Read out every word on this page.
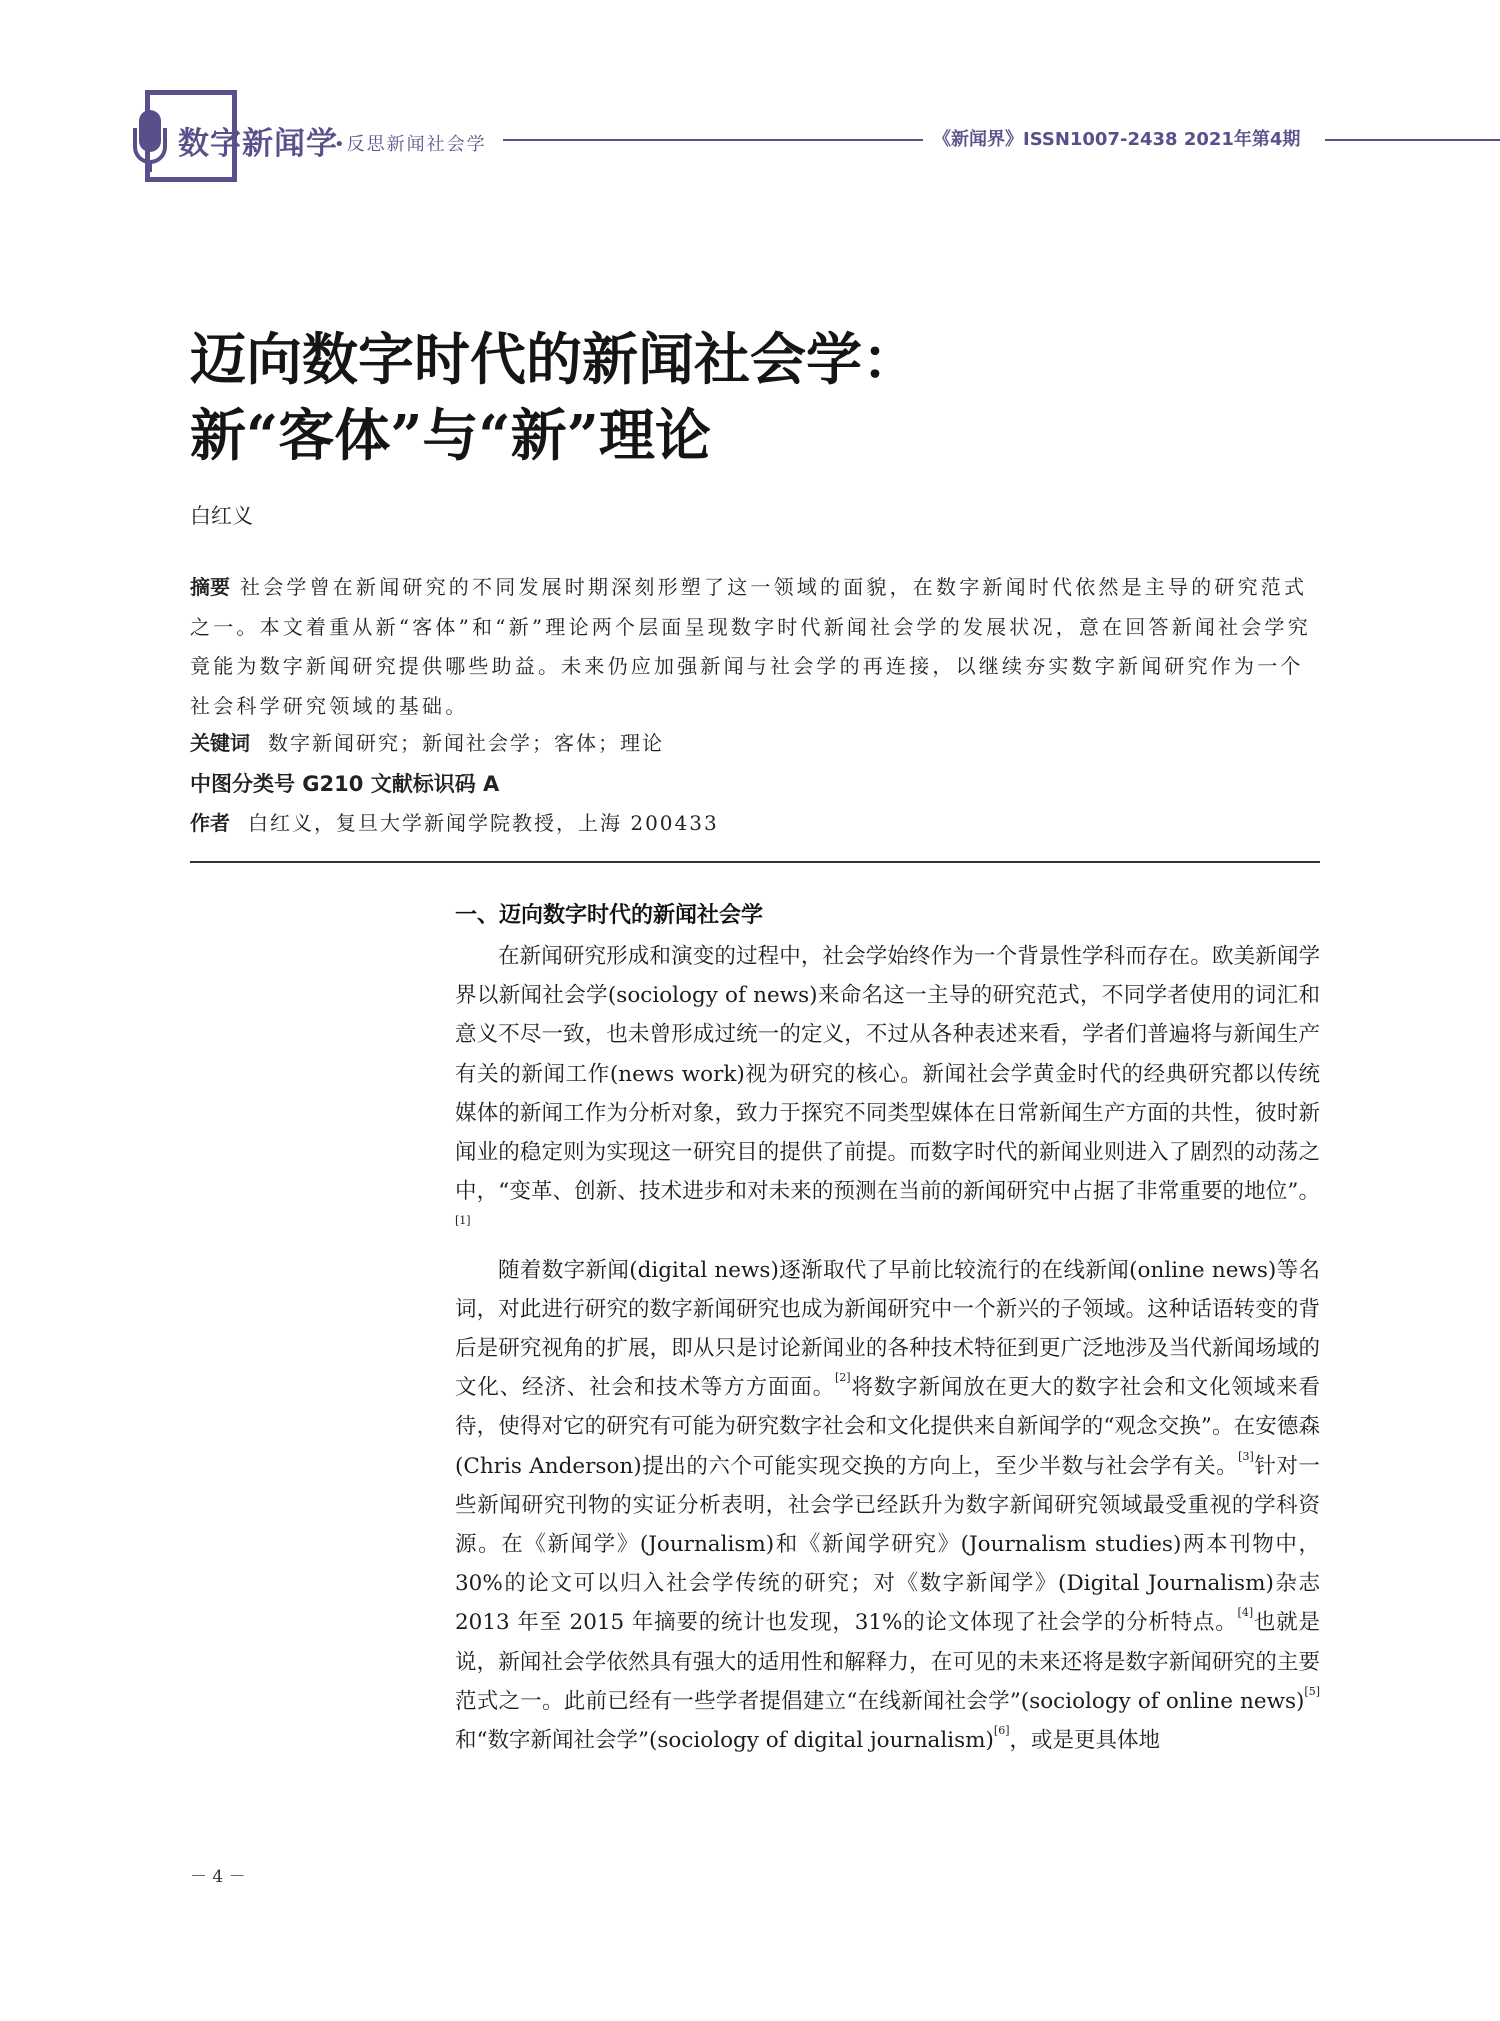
数字新闻学
•反思新闻社会学	《新闻界》ISSN1007-2438 2021年第4期
迈向数字时代的新闻社会学：
新“客体”与“新”理论
白红义
摘要 社会学曾在新闻研究的不同发展时期深刻形塑了这一领域的面貌，在数字新闻时代依然是主导的研究范式之一。本文着重从新“客体”和“新”理论两个层面呈现数字时代新闻社会学的发展状况，意在回答新闻社会学究竟能为数字新闻研究提供哪些助益。未来仍应加强新闻与社会学的再连接，以继续夯实数字新闻研究作为一个社会科学研究领域的基础。
关键词 数字新闻研究；新闻社会学；客体；理论
中图分类号 G210 文献标识码 A
作者 白红义，复旦大学新闻学院教授，上海 200433
一、迈向数字时代的新闻社会学

在新闻研究形成和演变的过程中，社会学始终作为一个背景性学科而存在。欧美新闻学界以新闻社会学(sociology of news)来命名这一主导的研究范式，不同学者使用的词汇和意义不尽一致，也未曾形成过统一的定义，不过从各种表述来看，学者们普遍将与新闻生产有关的新闻工作(news work)视为研究的核心。新闻社会学黄金时代的经典研究都以传统媒体的新闻工作为分析对象，致力于探究不同类型媒体在日常新闻生产方面的共性，彼时新闻业的稳定则为实现这一研究目的提供了前提。而数字时代的新闻业则进入了剧烈的动荡之中，“变革、创新、技术进步和对未来的预测在当前的新闻研究中占据了非常重要的地位”。[1]

随着数字新闻(digital news)逐渐取代了早前比较流行的在线新闻(online news)等名词，对此进行研究的数字新闻研究也成为新闻研究中一个新兴的子领域。这种话语转变的背后是研究视角的扩展，即从只是讨论新闻业的各种技术特征到更广泛地涉及当代新闻场域的文化、经济、社会和技术等方方面面。[2]将数字新闻放在更大的数字社会和文化领域来看待，使得对它的研究有可能为研究数字社会和文化提供来自新闻学的“观念交换”。在安德森(Chris Anderson)提出的六个可能实现交换的方向上，至少半数与社会学有关。[3]针对一些新闻研究刊物的实证分析表明，社会学已经跃升为数字新闻研究领域最受重视的学科资源。在《新闻学》(Journalism)和《新闻学研究》(Journalism studies)两本刊物中，30%的论文可以归入社会学传统的研究；对《数字新闻学》(Digital Journalism)杂志 2013 年至 2015 年摘要的统计也发现，31%的论文体现了社会学的分析特点。[4]也就是说，新闻社会学依然具有强大的适用性和解释力，在可见的未来还将是数字新闻研究的主要范式之一。此前已经有一些学者提倡建立“在线新闻社会学”(sociology of online news)[5]和“数字新闻社会学”(sociology of digital journalism)[6]，或是更具体地

－ 4 －
